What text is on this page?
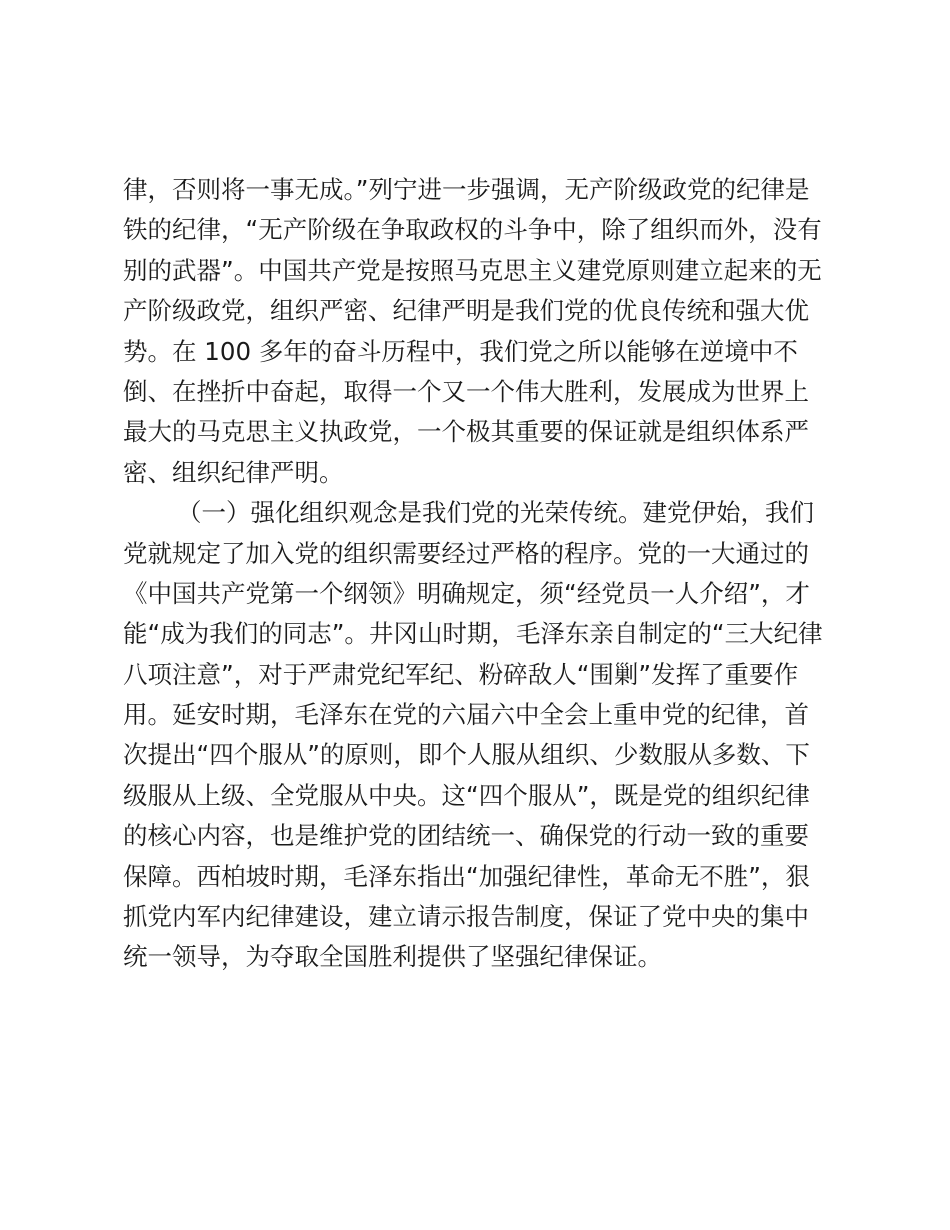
律，否则将一事无成。”列宁进一步强调，无产阶级政党的纪律是
铁的纪律，“无产阶级在争取政权的斗争中，除了组织而外，没有
别的武器”。中国共产党是按照马克思主义建党原则建立起来的无
产阶级政党，组织严密、纪律严明是我们党的优良传统和强大优
势。在 100 多年的奋斗历程中，我们党之所以能够在逆境中不
倒、在挫折中奋起，取得一个又一个伟大胜利，发展成为世界上
最大的马克思主义执政党，一个极其重要的保证就是组织体系严
密、组织纪律严明。
（一）强化组织观念是我们党的光荣传统。建党伊始，我们
党就规定了加入党的组织需要经过严格的程序。党的一大通过的
《中国共产党第一个纲领》明确规定，须“经党员一人介绍”，才
能“成为我们的同志”。井冈山时期，毛泽东亲自制定的“三大纪律
八项注意”，对于严肃党纪军纪、粉碎敌人“围剿”发挥了重要作
用。延安时期，毛泽东在党的六届六中全会上重申党的纪律，首
次提出“四个服从”的原则，即个人服从组织、少数服从多数、下
级服从上级、全党服从中央。这“四个服从”，既是党的组织纪律
的核心内容，也是维护党的团结统一、确保党的行动一致的重要
保障。西柏坡时期，毛泽东指出“加强纪律性，革命无不胜”，狠
抓党内军内纪律建设，建立请示报告制度，保证了党中央的集中
统一领导，为夺取全国胜利提供了坚强纪律保证。
